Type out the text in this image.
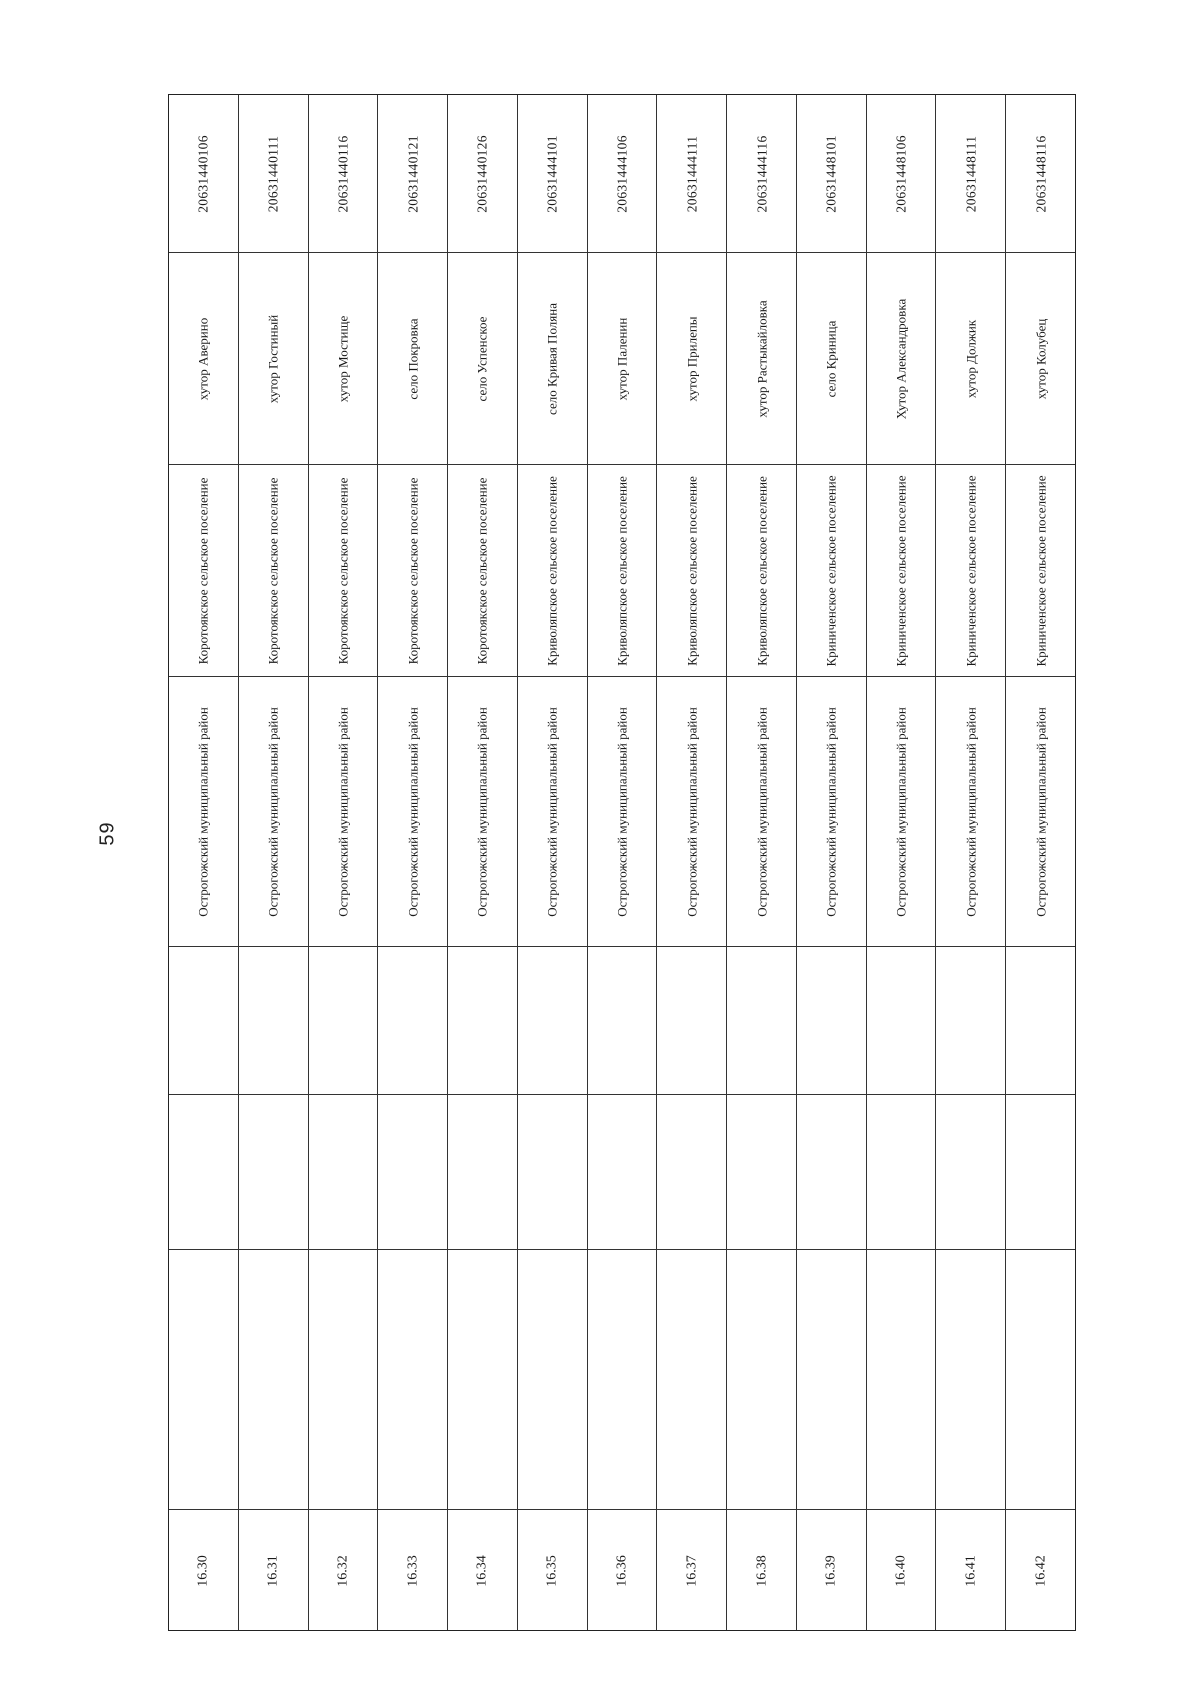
59
20631440106
хутор Аверино
Коротоякское сельское поселение
Острогожский муниципальный район
16.30
20631440111
хутор Гостиный
Коротоякское сельское поселение
Острогожский муниципальный район
16.31
20631440116
хутор Мостище
Коротоякское сельское поселение
Острогожский муниципальный район
16.32
20631440121
село Покровка
Коротоякское сельское поселение
Острогожский муниципальный район
16.33
20631440126
село Успенское
Коротоякское сельское поселение
Острогожский муниципальный район
16.34
20631444101
село Кривая Поляна
Криволяпское сельское поселение
Острогожский муниципальный район
16.35
20631444106
хутор Паленин
Криволяпское сельское поселение
Острогожский муниципальный район
16.36
20631444111
хутор Прилепы
Криволяпское сельское поселение
Острогожский муниципальный район
16.37
20631444116
хутор Растыкайловка
Криволяпское сельское поселение
Острогожский муниципальный район
16.38
20631448101
село Криница
Криниченское сельское поселение
Острогожский муниципальный район
16.39
20631448106
Хутор Александровка
Криниченское сельское поселение
Острогожский муниципальный район
16.40
20631448111
хутор Должик
Криниченское сельское поселение
Острогожский муниципальный район
16.41
20631448116
хутор Колубец
Криниченское сельское поселение
Острогожский муниципальный район
16.42
